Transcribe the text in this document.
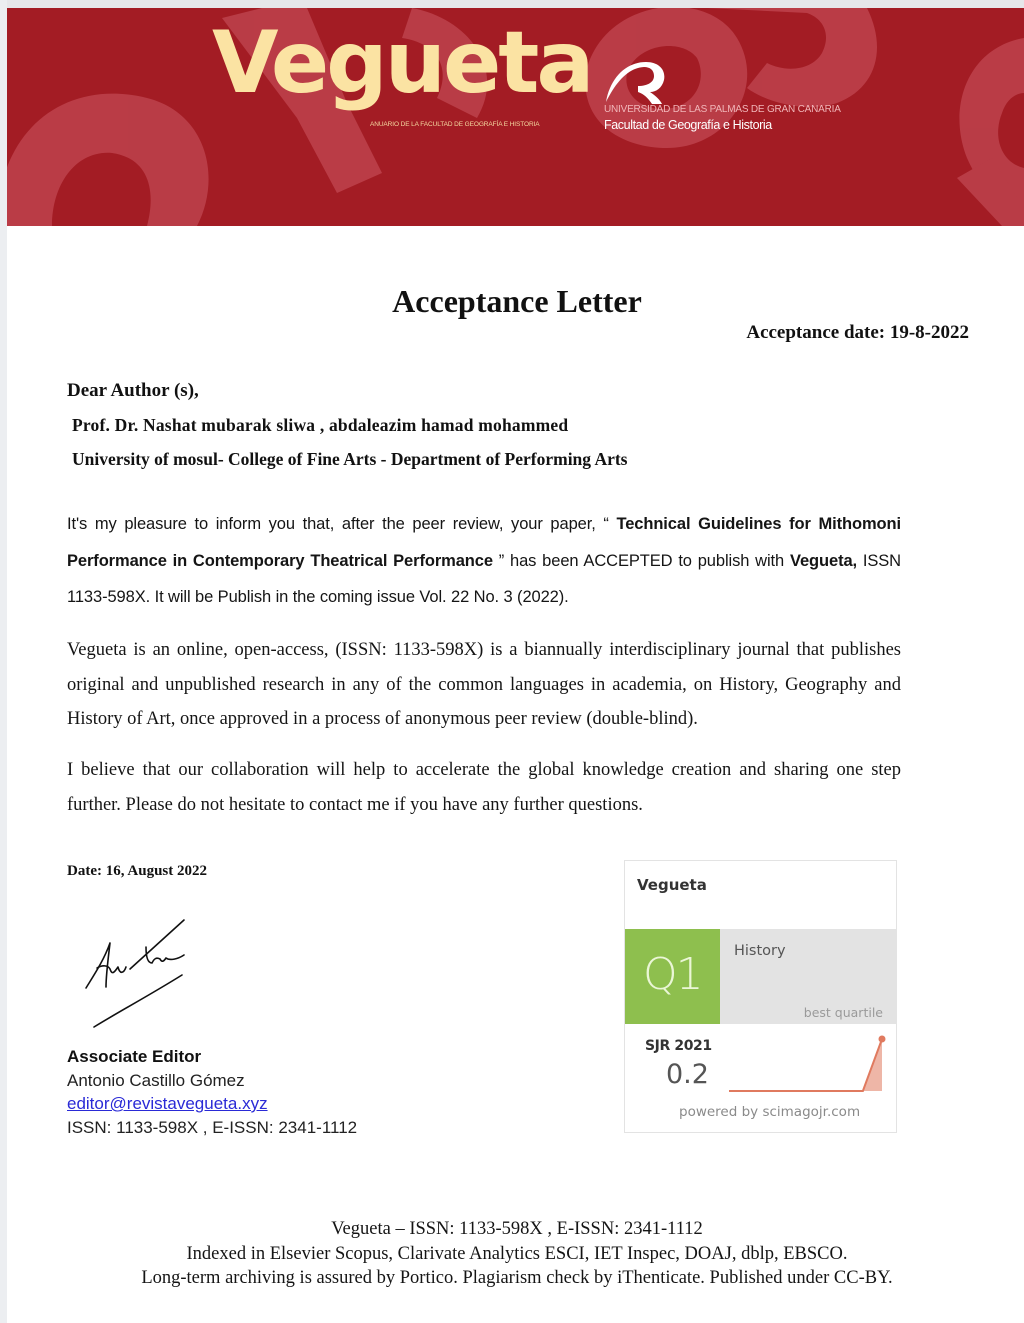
Vegueta
ANUARIO DE LA FACULTAD DE GEOGRAFÍA E HISTORIA
UNIVERSIDAD DE LAS PALMAS DE GRAN CANARIA
Facultad de Geografía e Historia
Acceptance Letter
Acceptance date: 19-8-2022
Dear Author (s),
Prof. Dr. Nashat mubarak sliwa , abdaleazim hamad mohammed
University of mosul- College of Fine Arts - Department of Performing Arts
It's my pleasure to inform you that, after the peer review, your paper, “ Technical Guidelines for Mithomoni Performance in Contemporary Theatrical Performance ” has been ACCEPTED to publish with Vegueta, ISSN 1133-598X. It will be Publish in the coming issue Vol. 22 No. 3 (2022).
Vegueta is an online, open-access, (ISSN: 1133-598X) is a biannually interdisciplinary journal that publishes original and unpublished research in any of the common languages in academia, on History, Geography and History of Art, once approved in a process of anonymous peer review (double-blind).
I believe that our collaboration will help to accelerate the global knowledge creation and sharing one step further. Please do not hesitate to contact me if you have any further questions.
Date: 16, August 2022
Associate Editor
Antonio Castillo Gómez
editor@revistavegueta.xyz
ISSN: 1133-598X , E-ISSN: 2341-1112
Vegueta
Q1 History
best quartile
SJR 2021
0.2
powered by scimagojr.com
Vegueta – ISSN: 1133-598X , E-ISSN: 2341-1112
Indexed in Elsevier Scopus, Clarivate Analytics ESCI, IET Inspec, DOAJ, dblp, EBSCO.
Long-term archiving is assured by Portico. Plagiarism check by iThenticate. Published under CC-BY.
